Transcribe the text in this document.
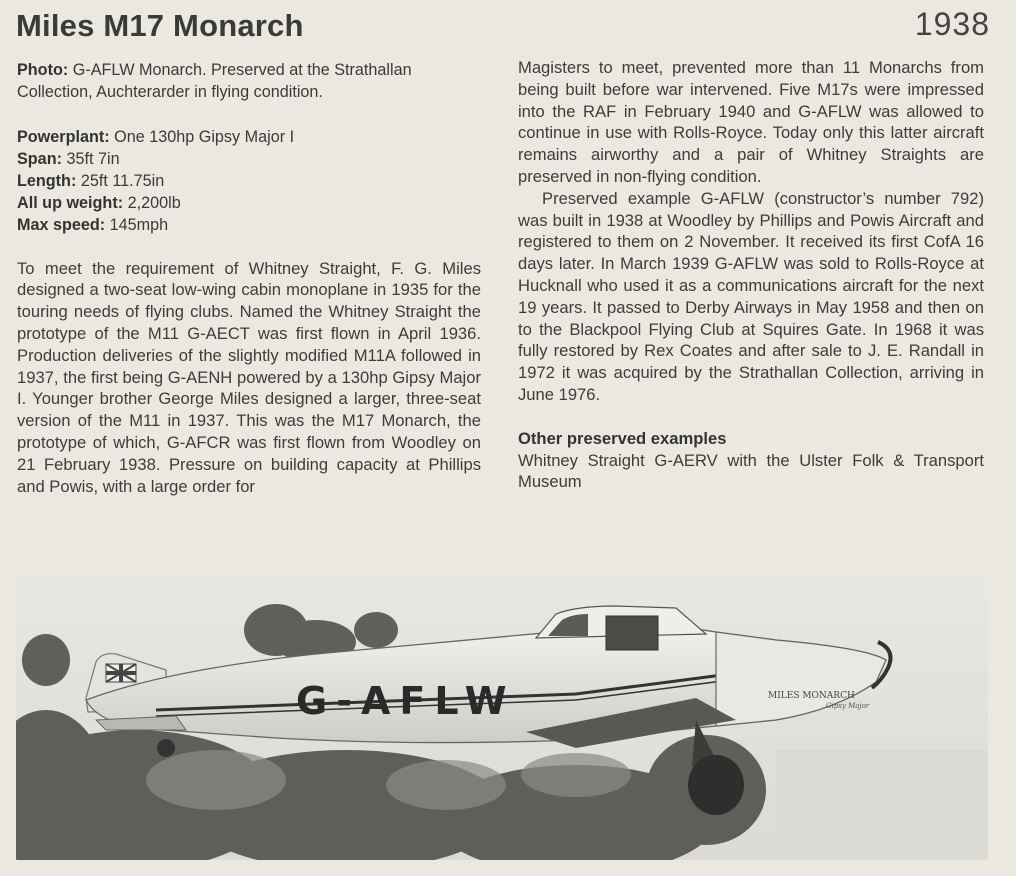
Miles M17 Monarch	1938

Photo: G-AFLW Monarch. Preserved at the Strathallan Collection, Auchterarder in flying condition.

Powerplant: One 130hp Gipsy Major I
Span: 35ft 7in
Length: 25ft 11.75in
All up weight: 2,200lb
Max speed: 145mph

To meet the requirement of Whitney Straight, F. G. Miles designed a two-seat low-wing cabin monoplane in 1935 for the touring needs of flying clubs. Named the Whitney Straight the prototype of the M11 G-AECT was first flown in April 1936. Production deliveries of the slightly modified M11A followed in 1937, the first being G-AENH powered by a 130hp Gipsy Major I. Younger brother George Miles designed a larger, three-seat version of the M11 in 1937. This was the M17 Monarch, the prototype of which, G-AFCR was first flown from Woodley on 21 February 1938. Pressure on building capacity at Phillips and Powis, with a large order for

Magisters to meet, prevented more than 11 Monarchs from being built before war intervened. Five M17s were impressed into the RAF in February 1940 and G-AFLW was allowed to continue in use with Rolls-Royce. Today only this latter aircraft remains airworthy and a pair of Whitney Straights are preserved in non-flying condition.

Preserved example G-AFLW (constructor’s number 792) was built in 1938 at Woodley by Phillips and Powis Aircraft and registered to them on 2 November. It received its first CofA 16 days later. In March 1939 G-AFLW was sold to Rolls-Royce at Hucknall who used it as a communications aircraft for the next 19 years. It passed to Derby Airways in May 1958 and then on to the Blackpool Flying Club at Squires Gate. In 1968 it was fully restored by Rex Coates and after sale to J. E. Randall in 1972 it was acquired by the Strathallan Collection, arriving in June 1976.

Other preserved examples

Whitney Straight G-AERV with the Ulster Folk & Transport Museum

G-AFLW	MILES MONARCH
Gipsy Major
